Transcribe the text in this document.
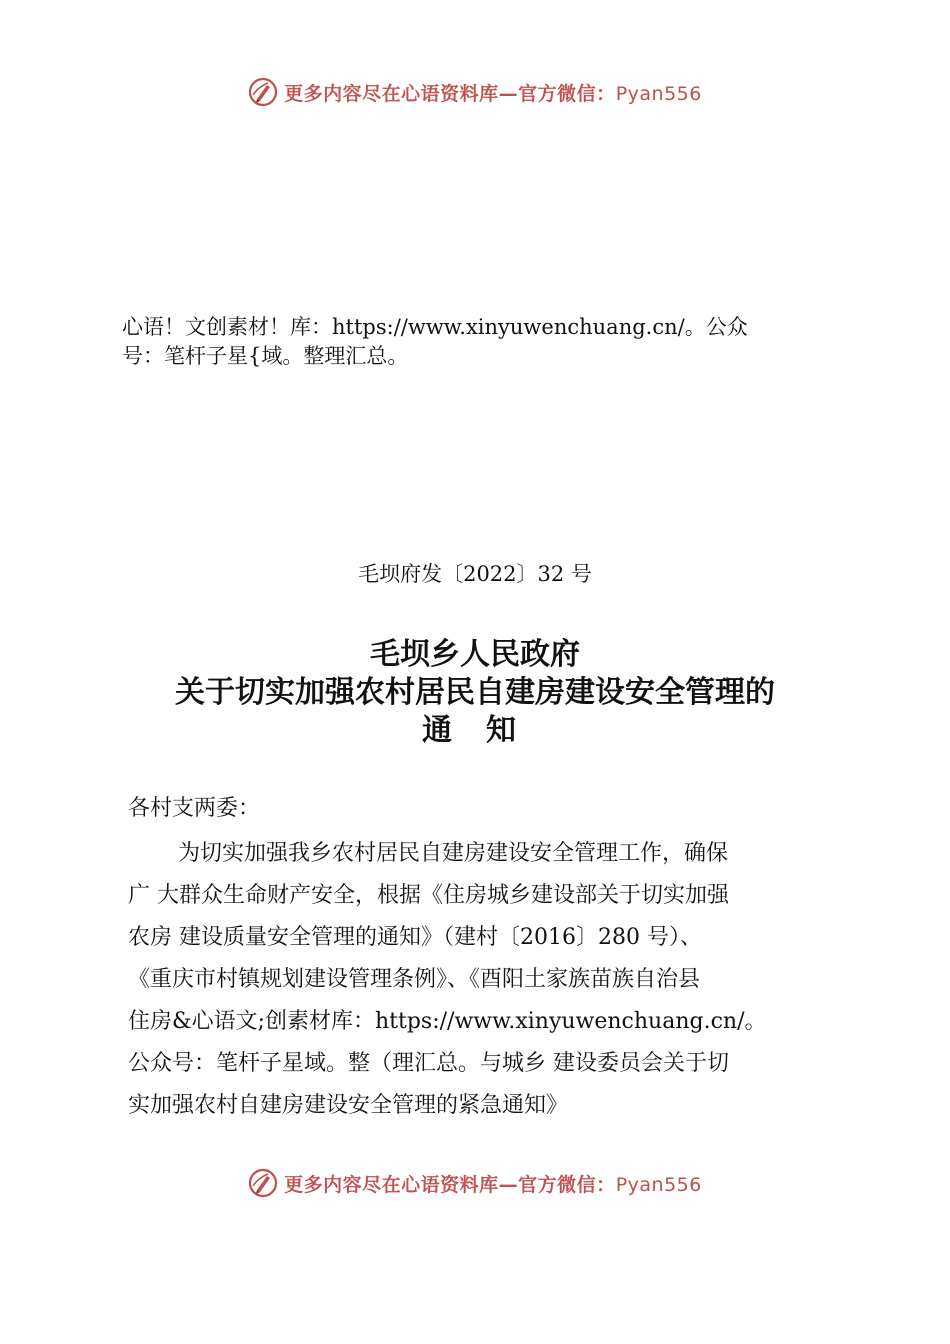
更多内容尽在心语资料库—官方微信：Pyan556
心语！文创素材！库：https://www.xinyuwenchuang.cn/。公众
号：笔杆子星{域。整理汇总。
毛坝府发〔2022〕32 号
毛坝乡人民政府
关于切实加强农村居民自建房建设安全管理的
通　知
各村支两委：
为切实加强我乡农村居民自建房建设安全管理工作，确保
广 大群众生命财产安全，根据《住房城乡建设部关于切实加强
农房 建设质量安全管理的通知》（建村〔2016〕280 号）、
《重庆市村镇规划建设管理条例》、《酉阳土家族苗族自治县
住房&心语文;创素材库：https://www.xinyuwenchuang.cn/。
公众号：笔杆子星域。整（理汇总。与城乡 建设委员会关于切
实加强农村自建房建设安全管理的紧急通知》
更多内容尽在心语资料库—官方微信：Pyan556
